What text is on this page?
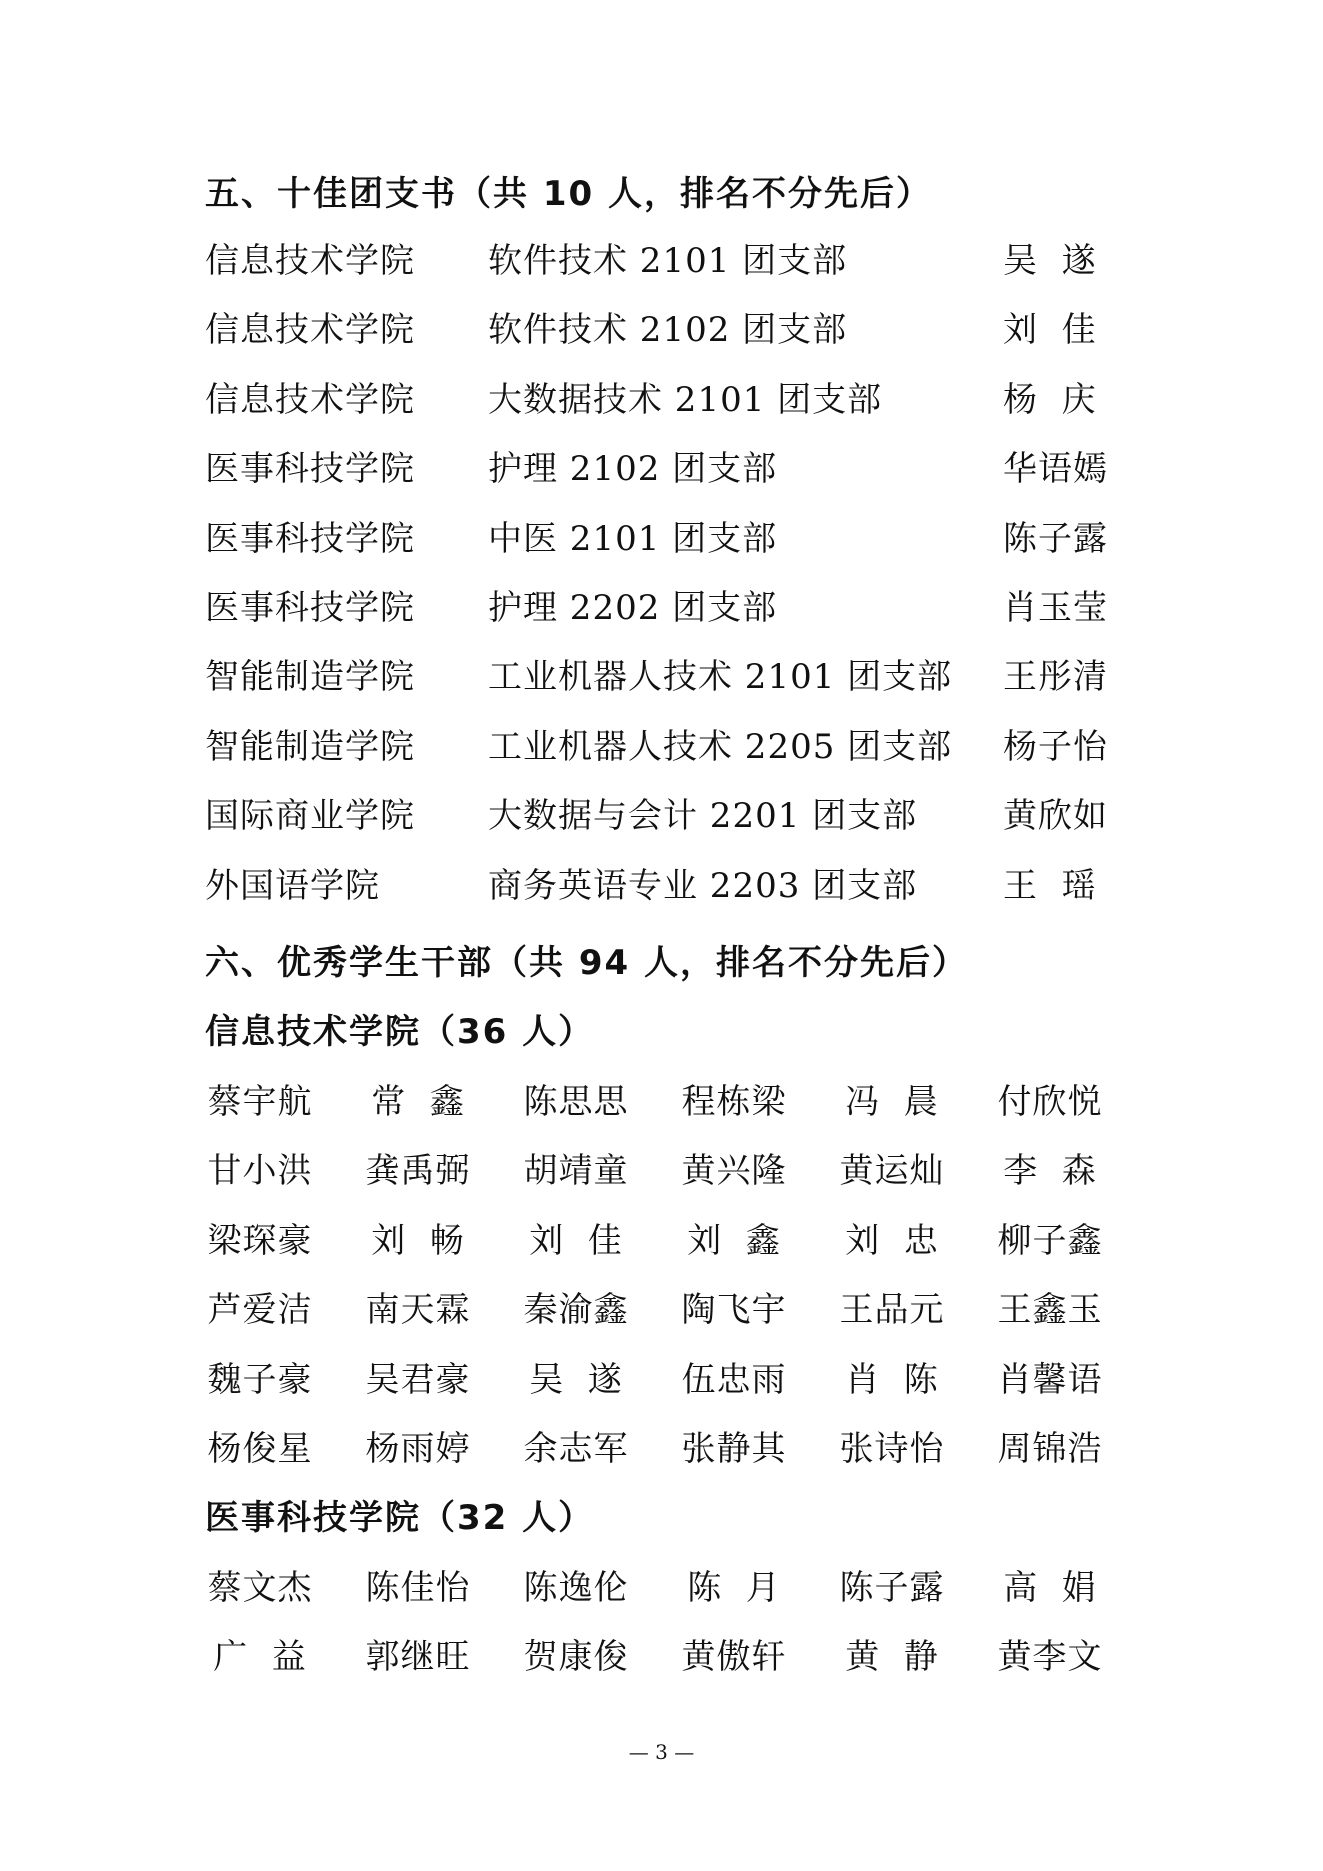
五、十佳团支书（共 10 人，排名不分先后）
信息技术学院 软件技术 2101 团支部	吴  遂
信息技术学院 软件技术 2102 团支部	刘  佳
信息技术学院 大数据技术 2101 团支部	杨  庆
医事科技学院 护理 2102 团支部	华语嫣
医事科技学院 中医 2101 团支部	陈子露
医事科技学院 护理 2202 团支部	肖玉莹
智能制造学院 工业机器人技术 2101 团支部 王彤清
智能制造学院 工业机器人技术 2205 团支部 杨子怡
国际商业学院 大数据与会计 2201 团支部	黄欣如
外国语学院	商务英语专业 2203 团支部	王  瑶
六、优秀学生干部（共 94 人，排名不分先后）
信息技术学院（36 人）
蔡宇航	常  鑫	陈思思	程栋梁	冯  晨	付欣悦
甘小洪	龚禹弼	胡靖童	黄兴隆	黄运灿	李  森
梁琛豪	刘  畅	刘  佳	刘  鑫	刘  忠	柳子鑫
芦爱洁	南天霖	秦渝鑫	陶飞宇	王品元	王鑫玉
魏子豪	吴君豪	吴  遂	伍忠雨	肖  陈	肖馨语
杨俊星	杨雨婷	余志军	张静其	张诗怡	周锦浩
医事科技学院（32 人）
蔡文杰	陈佳怡	陈逸伦	陈  月	陈子露	高  娟
广  益	郭继旺	贺康俊	黄傲轩	黄  静	黄李文
— 3 —
